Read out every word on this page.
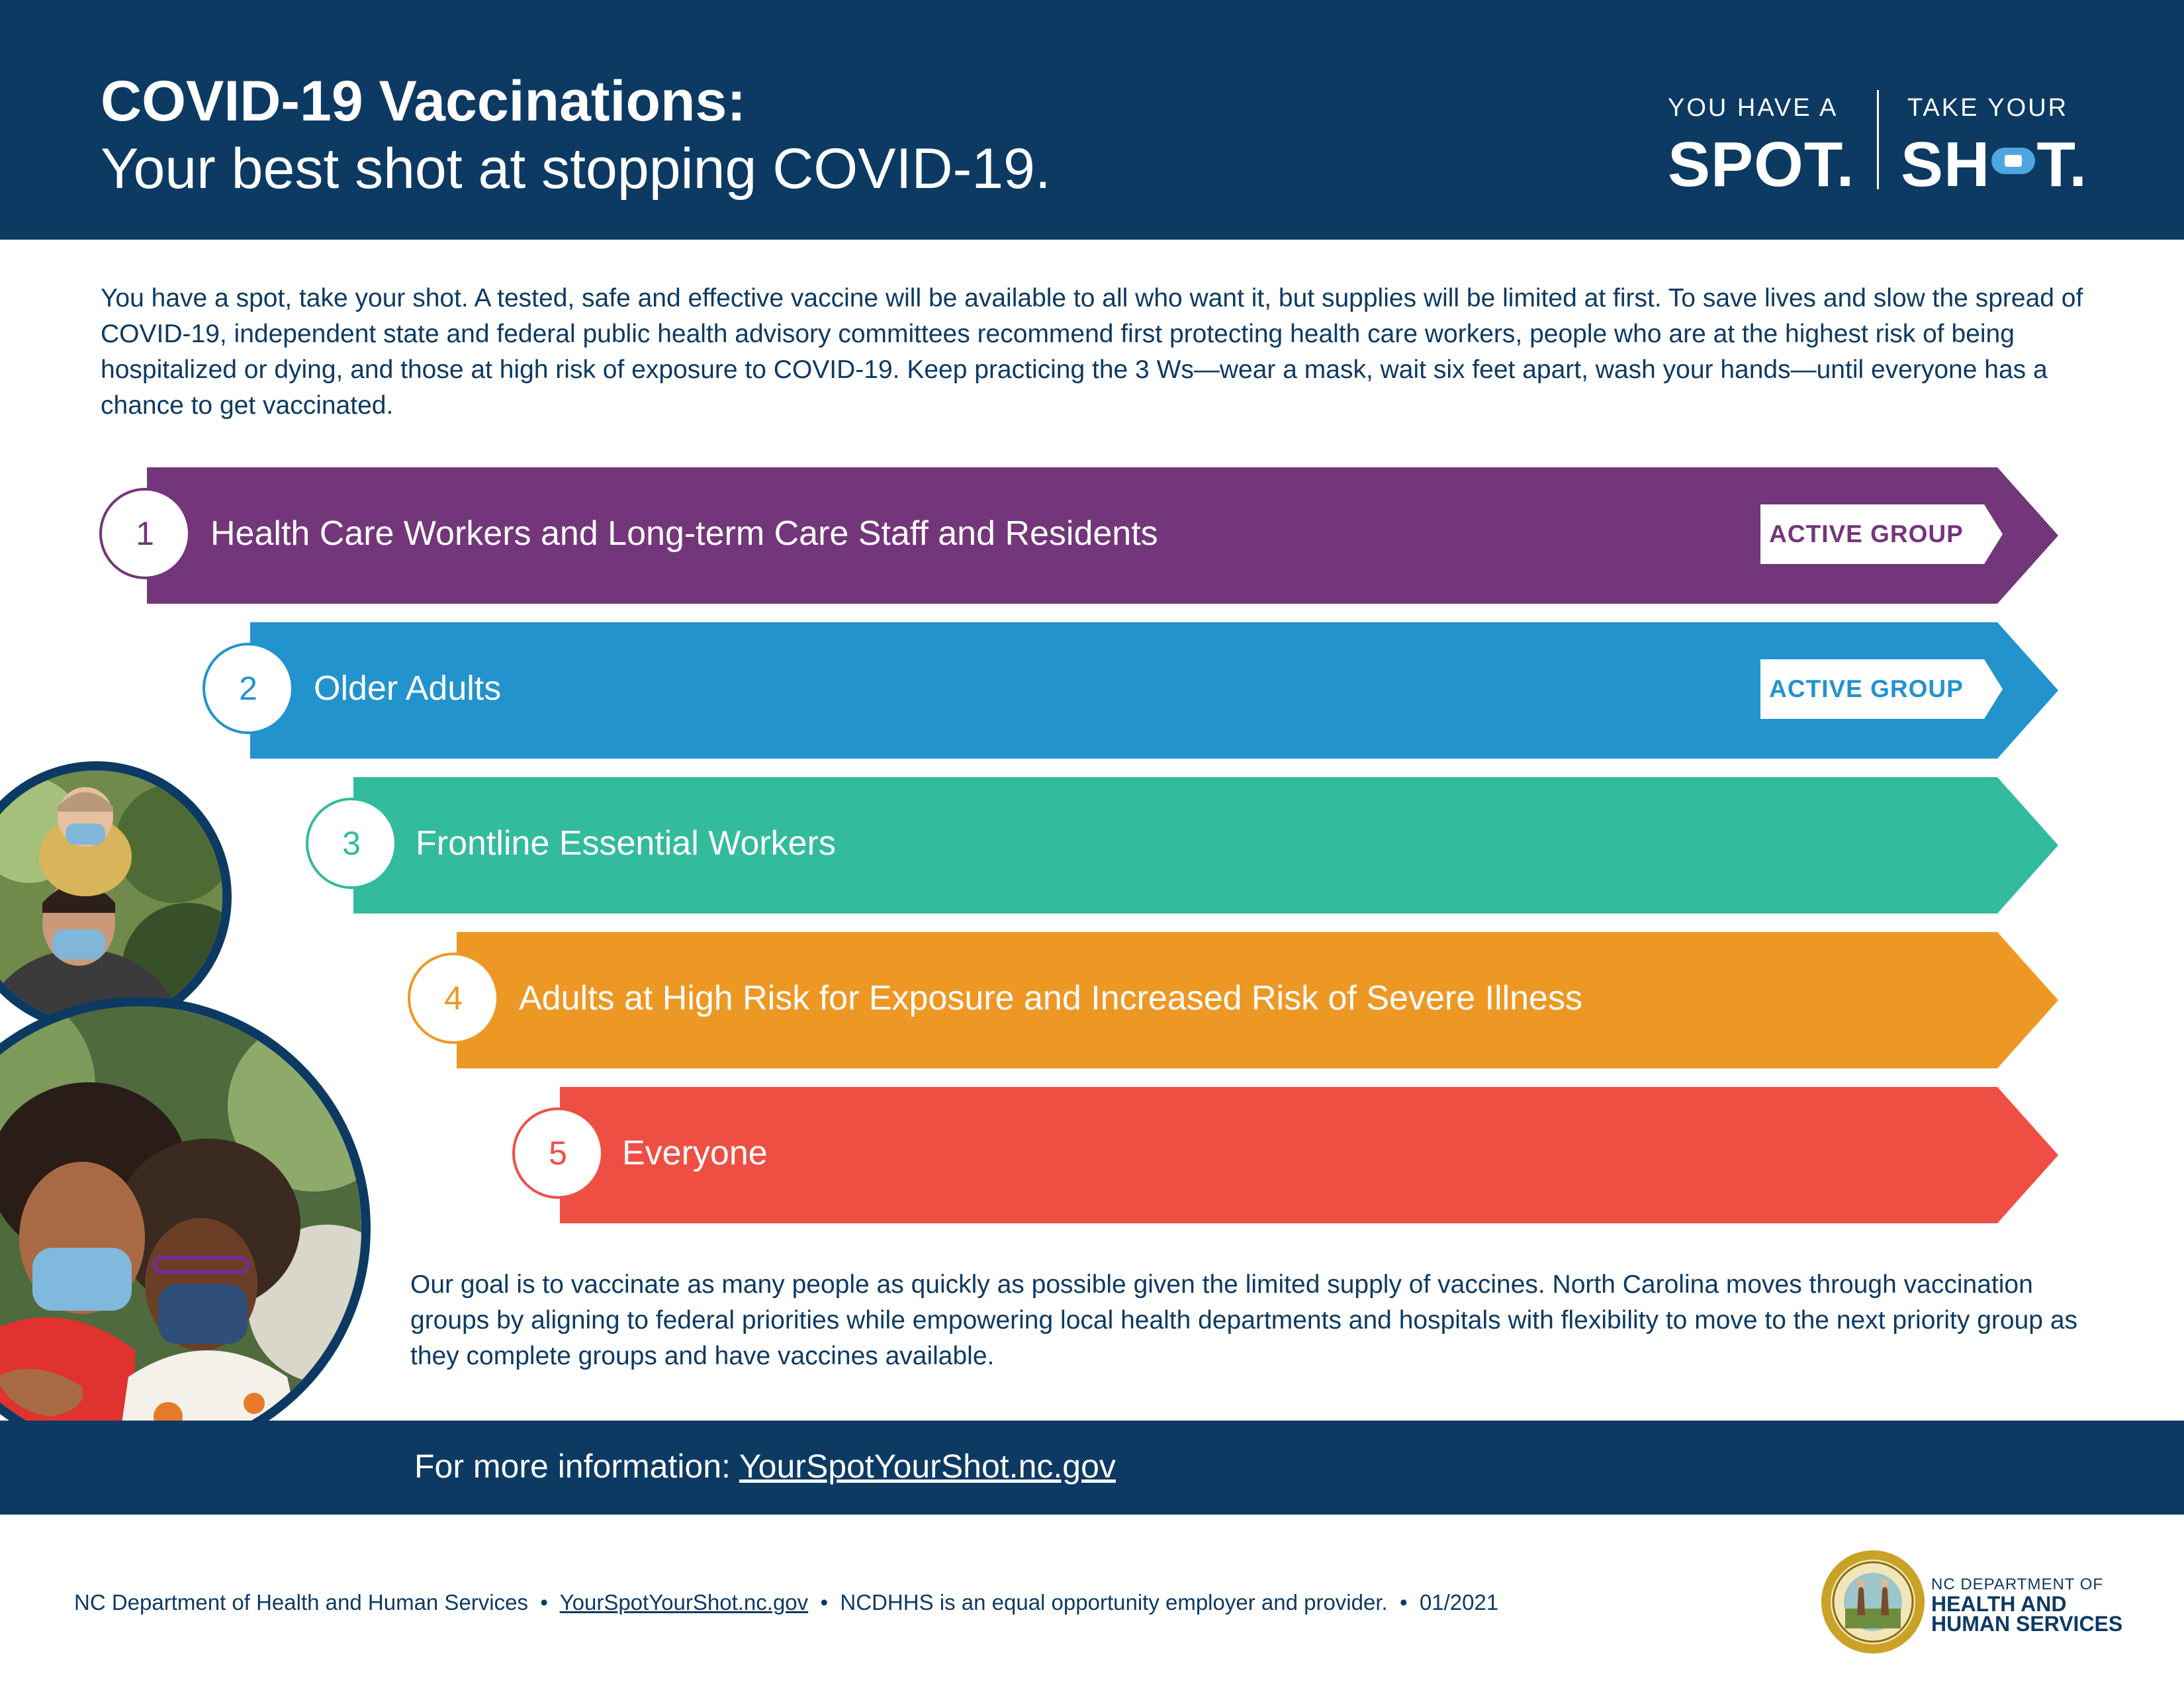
COVID-19 Vaccinations:
Your best shot at stopping COVID-19.
YOU HAVE A
SPOT.
TAKE YOUR
SH T.
You have a spot, take your shot. A tested, safe and effective vaccine will be available to all who want it, but supplies will be limited at first. To save lives and slow the spread of COVID-19, independent state and federal public health advisory committees recommend first protecting health care workers, people who are at the highest risk of being hospitalized or dying, and those at high risk of exposure to COVID-19. Keep practicing the 3 Ws—wear a mask, wait six feet apart, wash your hands—until everyone has a chance to get vaccinated.
1	Health Care Workers and Long-term Care Staff and Residents	ACTIVE GROUP
2	Older Adults	ACTIVE GROUP
3	Frontline Essential Workers
4	Adults at High Risk for Exposure and Increased Risk of Severe Illness
5	Everyone
Our goal is to vaccinate as many people as quickly as possible given the limited supply of vaccines. North Carolina moves through vaccination groups by aligning to federal priorities while empowering local health departments and hospitals with flexibility to move to the next priority group as they complete groups and have vaccines available.
For more information: YourSpotYourShot.nc.gov
NC Department of Health and Human Services • YourSpotYourShot.nc.gov • NCDHHS is an equal opportunity employer and provider. • 01/2021
NC DEPARTMENT OF
HEALTH AND
HUMAN SERVICES
